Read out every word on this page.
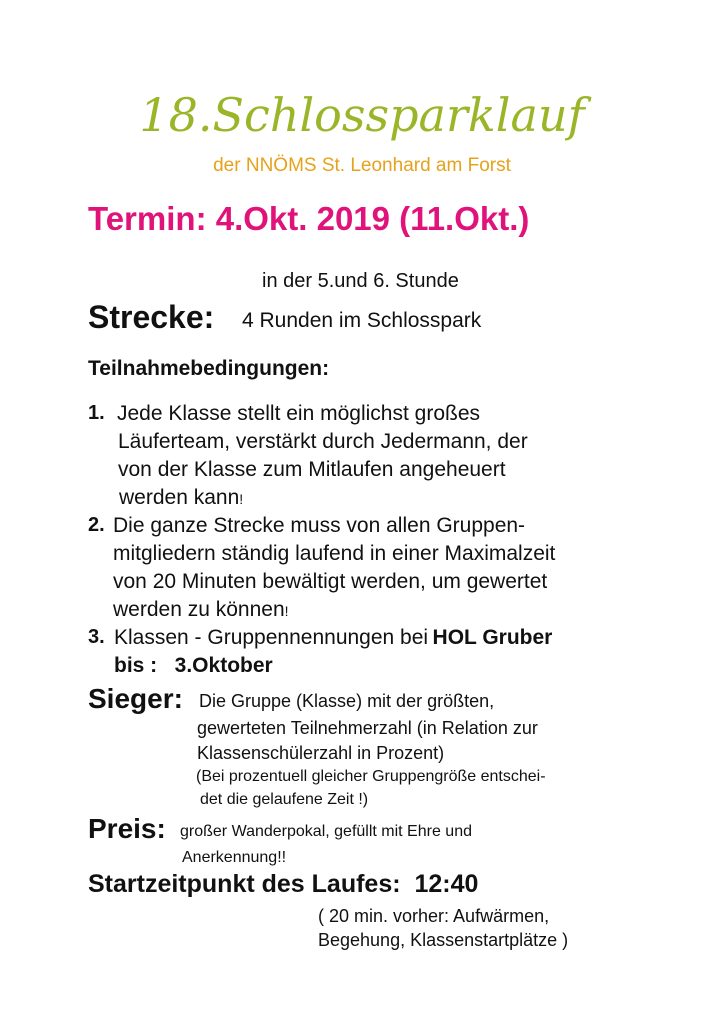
18.Schlossparklauf
der NNÖMS St. Leonhard am Forst
Termin: 4.Okt. 2019 (11.Okt.)
in der 5.und 6. Stunde
Strecke: 4 Runden im Schlosspark
Teilnahmebedingungen:
1. Jede Klasse stellt ein möglichst großes
Läuferteam, verstärkt durch Jedermann, der
von der Klasse zum Mitlaufen angeheuert
werden kann!
2. Die ganze Strecke muss von allen Gruppen-
mitgliedern ständig laufend in einer Maximalzeit
von 20 Minuten bewältigt werden, um gewertet
werden zu können!
3. Klassen - Gruppennennungen bei HOL Gruber
bis :   3.Oktober
Sieger: Die Gruppe (Klasse) mit der größten,
gewerteten Teilnehmerzahl (in Relation zur
Klassenschülerzahl in Prozent)
(Bei prozentuell gleicher Gruppengröße entschei-
det die gelaufene Zeit !)
Preis: großer Wanderpokal, gefüllt mit Ehre und
Anerkennung!!
Startzeitpunkt des Laufes:  12:40
( 20 min. vorher: Aufwärmen,
Begehung, Klassenstartplätze )
